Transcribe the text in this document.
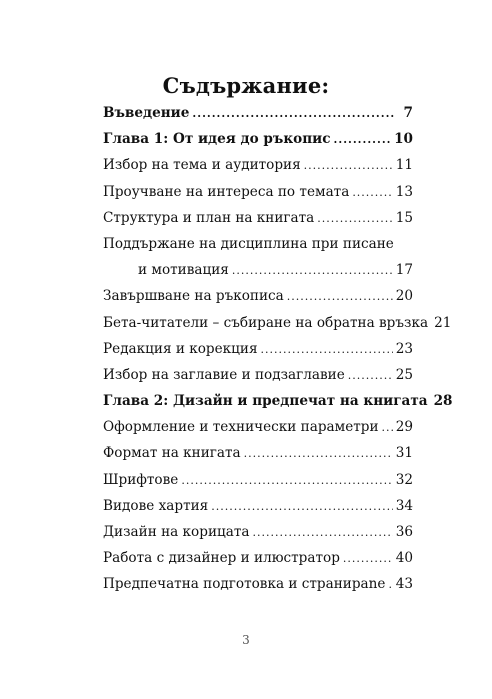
Съдържание:
Въведение .....	7
Глава 1: От идея до ръкопис .....	10
Избор на тема и аудитория .....	11
Проучване на интереса по темата .....	13
Структура и план на книгата .....	15
Поддържане на дисциплина при писане
и мотивация .....	17
Завършване на ръкописа .....	20
Бета-читатели – събиране на обратна връзка 21
Редакция и корекция .....	23
Избор на заглавие и подзаглавие .....	25
Глава 2: Дизайн и предпечат на книгата 28
Оформление и технически параметри ..... 29
Формат на книгата .....	31
Шрифтове .....	32
Видове хартия .....	34
Дизайн на корицата .....	36
Работа с дизайнер и илюстратор .....	40
Предпечатна подготовка и странирane ..... 43
3
